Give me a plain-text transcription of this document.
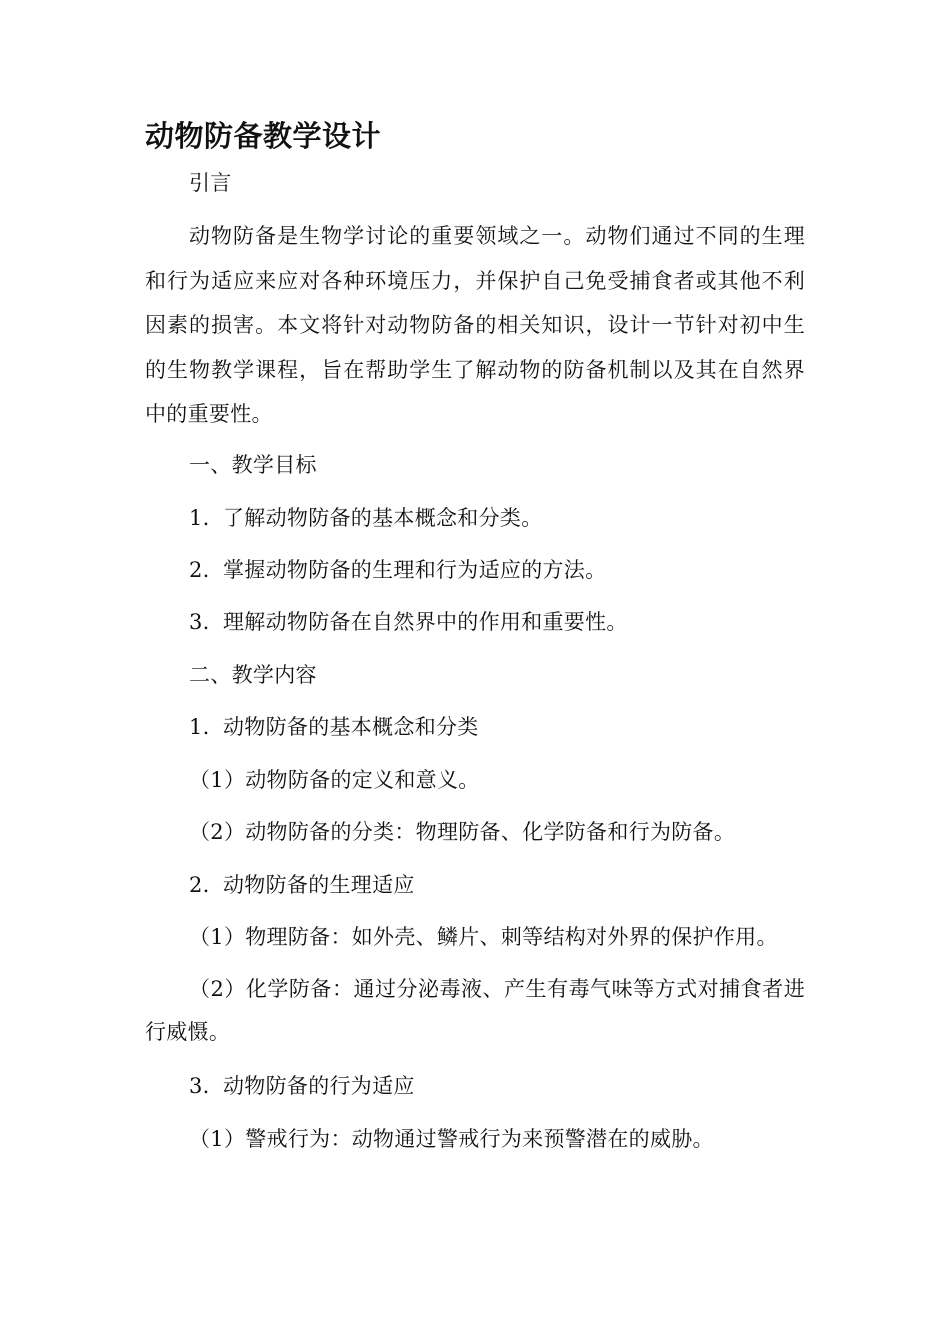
动物防备教学设计
引言
动物防备是生物学讨论的重要领域之一。动物们通过不同的生理和行为适应来应对各种环境压力，并保护自己免受捕食者或其他不利因素的损害。本文将针对动物防备的相关知识，设计一节针对初中生的生物教学课程，旨在帮助学生了解动物的防备机制以及其在自然界中的重要性。
一、教学目标
1. 了解动物防备的基本概念和分类。
2. 掌握动物防备的生理和行为适应的方法。
3. 理解动物防备在自然界中的作用和重要性。
二、教学内容
1. 动物防备的基本概念和分类
（1）动物防备的定义和意义。
（2）动物防备的分类：物理防备、化学防备和行为防备。
2. 动物防备的生理适应
（1）物理防备：如外壳、鳞片、刺等结构对外界的保护作用。
（2）化学防备：通过分泌毒液、产生有毒气味等方式对捕食者进行威慑。
3. 动物防备的行为适应
（1）警戒行为：动物通过警戒行为来预警潜在的威胁。
